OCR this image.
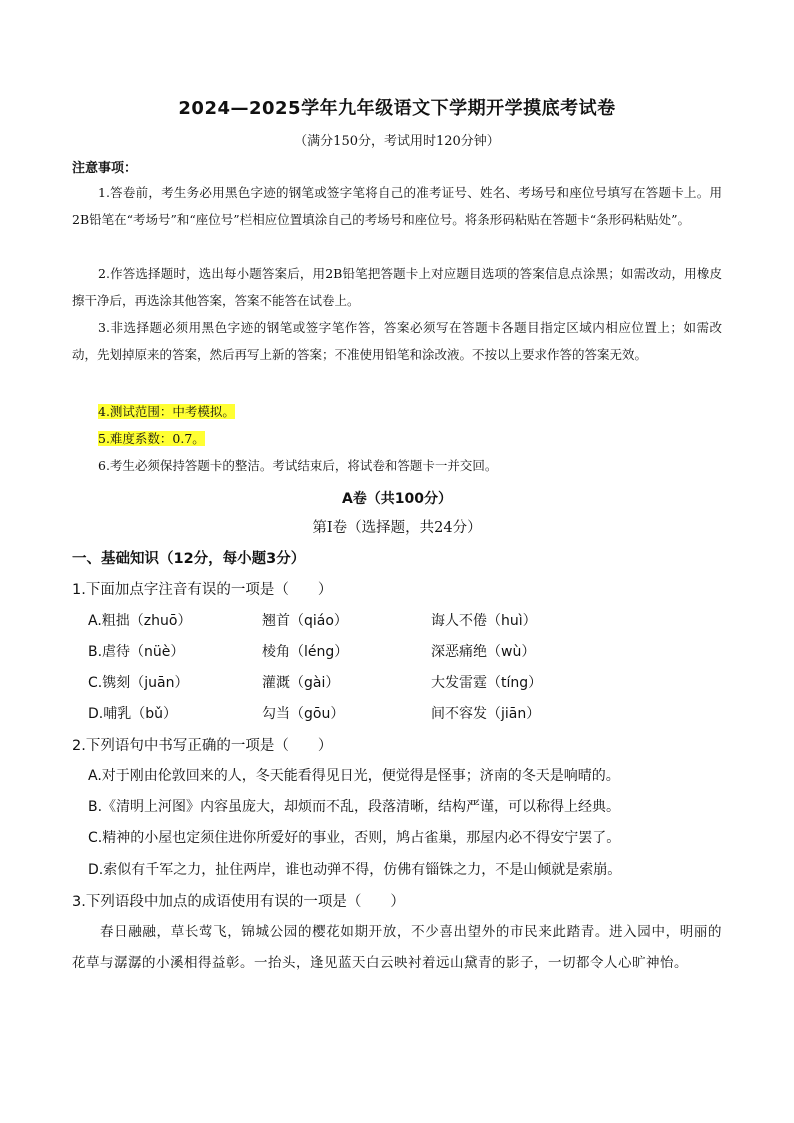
2024—2025学年九年级语文下学期开学摸底考试卷
（满分150分，考试用时120分钟）
注意事项：
1.答卷前，考生务必用黑色字迹的钢笔或签字笔将自己的准考证号、姓名、考场号和座位号填写在答题卡上。用2B铅笔在“考场号”和“座位号”栏相应位置填涂自己的考场号和座位号。将条形码粘贴在答题卡“条形码粘贴处”。
2.作答选择题时，选出每小题答案后，用2B铅笔把答题卡上对应题目选项的答案信息点涂黑；如需改动，用橡皮擦干净后，再选涂其他答案，答案不能答在试卷上。
3.非选择题必须用黑色字迹的钢笔或签字笔作答，答案必须写在答题卡各题目指定区域内相应位置上；如需改动，先划掉原来的答案，然后再写上新的答案；不准使用铅笔和涂改液。不按以上要求作答的答案无效。
4.测试范围：中考模拟。
5.难度系数：0.7。
6.考生必须保持答题卡的整洁。考试结束后，将试卷和答题卡一并交回。
A卷（共100分）
第Ⅰ卷（选择题，共24分）
一、基础知识（12分，每小题3分）
1.下面加点字注音有误的一项是（　　）
A.粗拙（zhuō）	翘首（qiáo）	诲人不倦（huì）
B.虐待（nüè）	棱角（léng）	深恶痛绝（wù）
C.镌刻（juān）	灌溉（gài）	大发雷霆（tíng）
D.哺乳（bǔ）	勾当（gōu）	间不容发（jiān）
2.下列语句中书写正确的一项是（　　）
A.对于刚由伦敦回来的人，冬天能看得见日光，便觉得是怪事；济南的冬天是响晴的。
B.《清明上河图》内容虽庞大，却烦而不乱，段落清晰，结构严谨，可以称得上经典。
C.精神的小屋也定须住进你所爱好的事业，否则，鸠占雀巢，那屋内必不得安宁罢了。
D.索似有千军之力，扯住两岸，谁也动弹不得，仿佛有锱铢之力，不是山倾就是索崩。
3.下列语段中加点的成语使用有误的一项是（　　）
春日融融，草长莺飞，锦城公园的樱花如期开放，不少喜出望外的市民来此踏青。进入园中，明丽的花草与潺潺的小溪相得益彰。一抬头，逢见蓝天白云映衬着远山黛青的影子，一切都令人心旷神怡。
